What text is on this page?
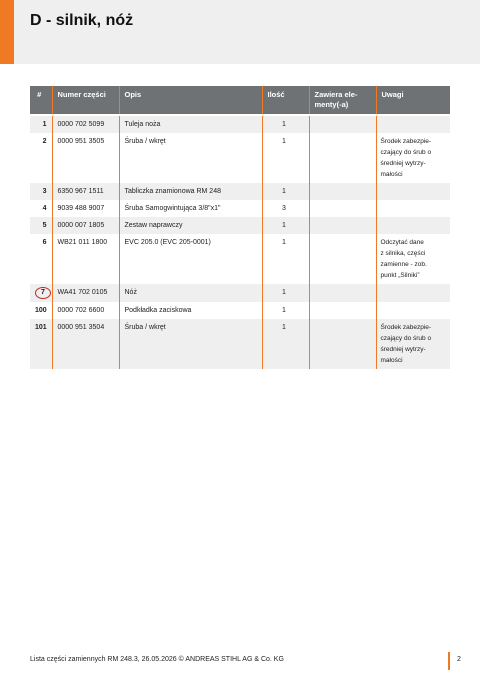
D - silnik, nóż
#	Numer części	Opis	Ilość	Zawiera ele-
menty(-a)	Uwagi

1	0000 702 5099	Tuleja noża	1		
2	0000 951 3505	Śruba / wkręt	1		Środek zabezpie-
czający do śrub o
średniej wytrzy-
małości
3	6350 967 1511	Tabliczka znamionowa RM 248	1		
4	9039 488 9007	Śruba Samogwintująca 3/8"x1"	3		
5	0000 007 1805	Zestaw naprawczy	1		
6	WB21 011 1800	EVC 205.0 (EVC 205-0001)	1		Odczytać dane
z silnika, części
zamienne - zob.
punkt „Silniki”
7	WA41 702 0105	Nóż	1		
100	0000 702 6600	Podkładka zaciskowa	1		
101	0000 951 3504	Śruba / wkręt	1		Środek zabezpie-
czający do śrub o
średniej wytrzy-
małości
Lista części zamiennych RM 248.3, 26.05.2026 © ANDREAS STIHL AG & Co. KG	2
